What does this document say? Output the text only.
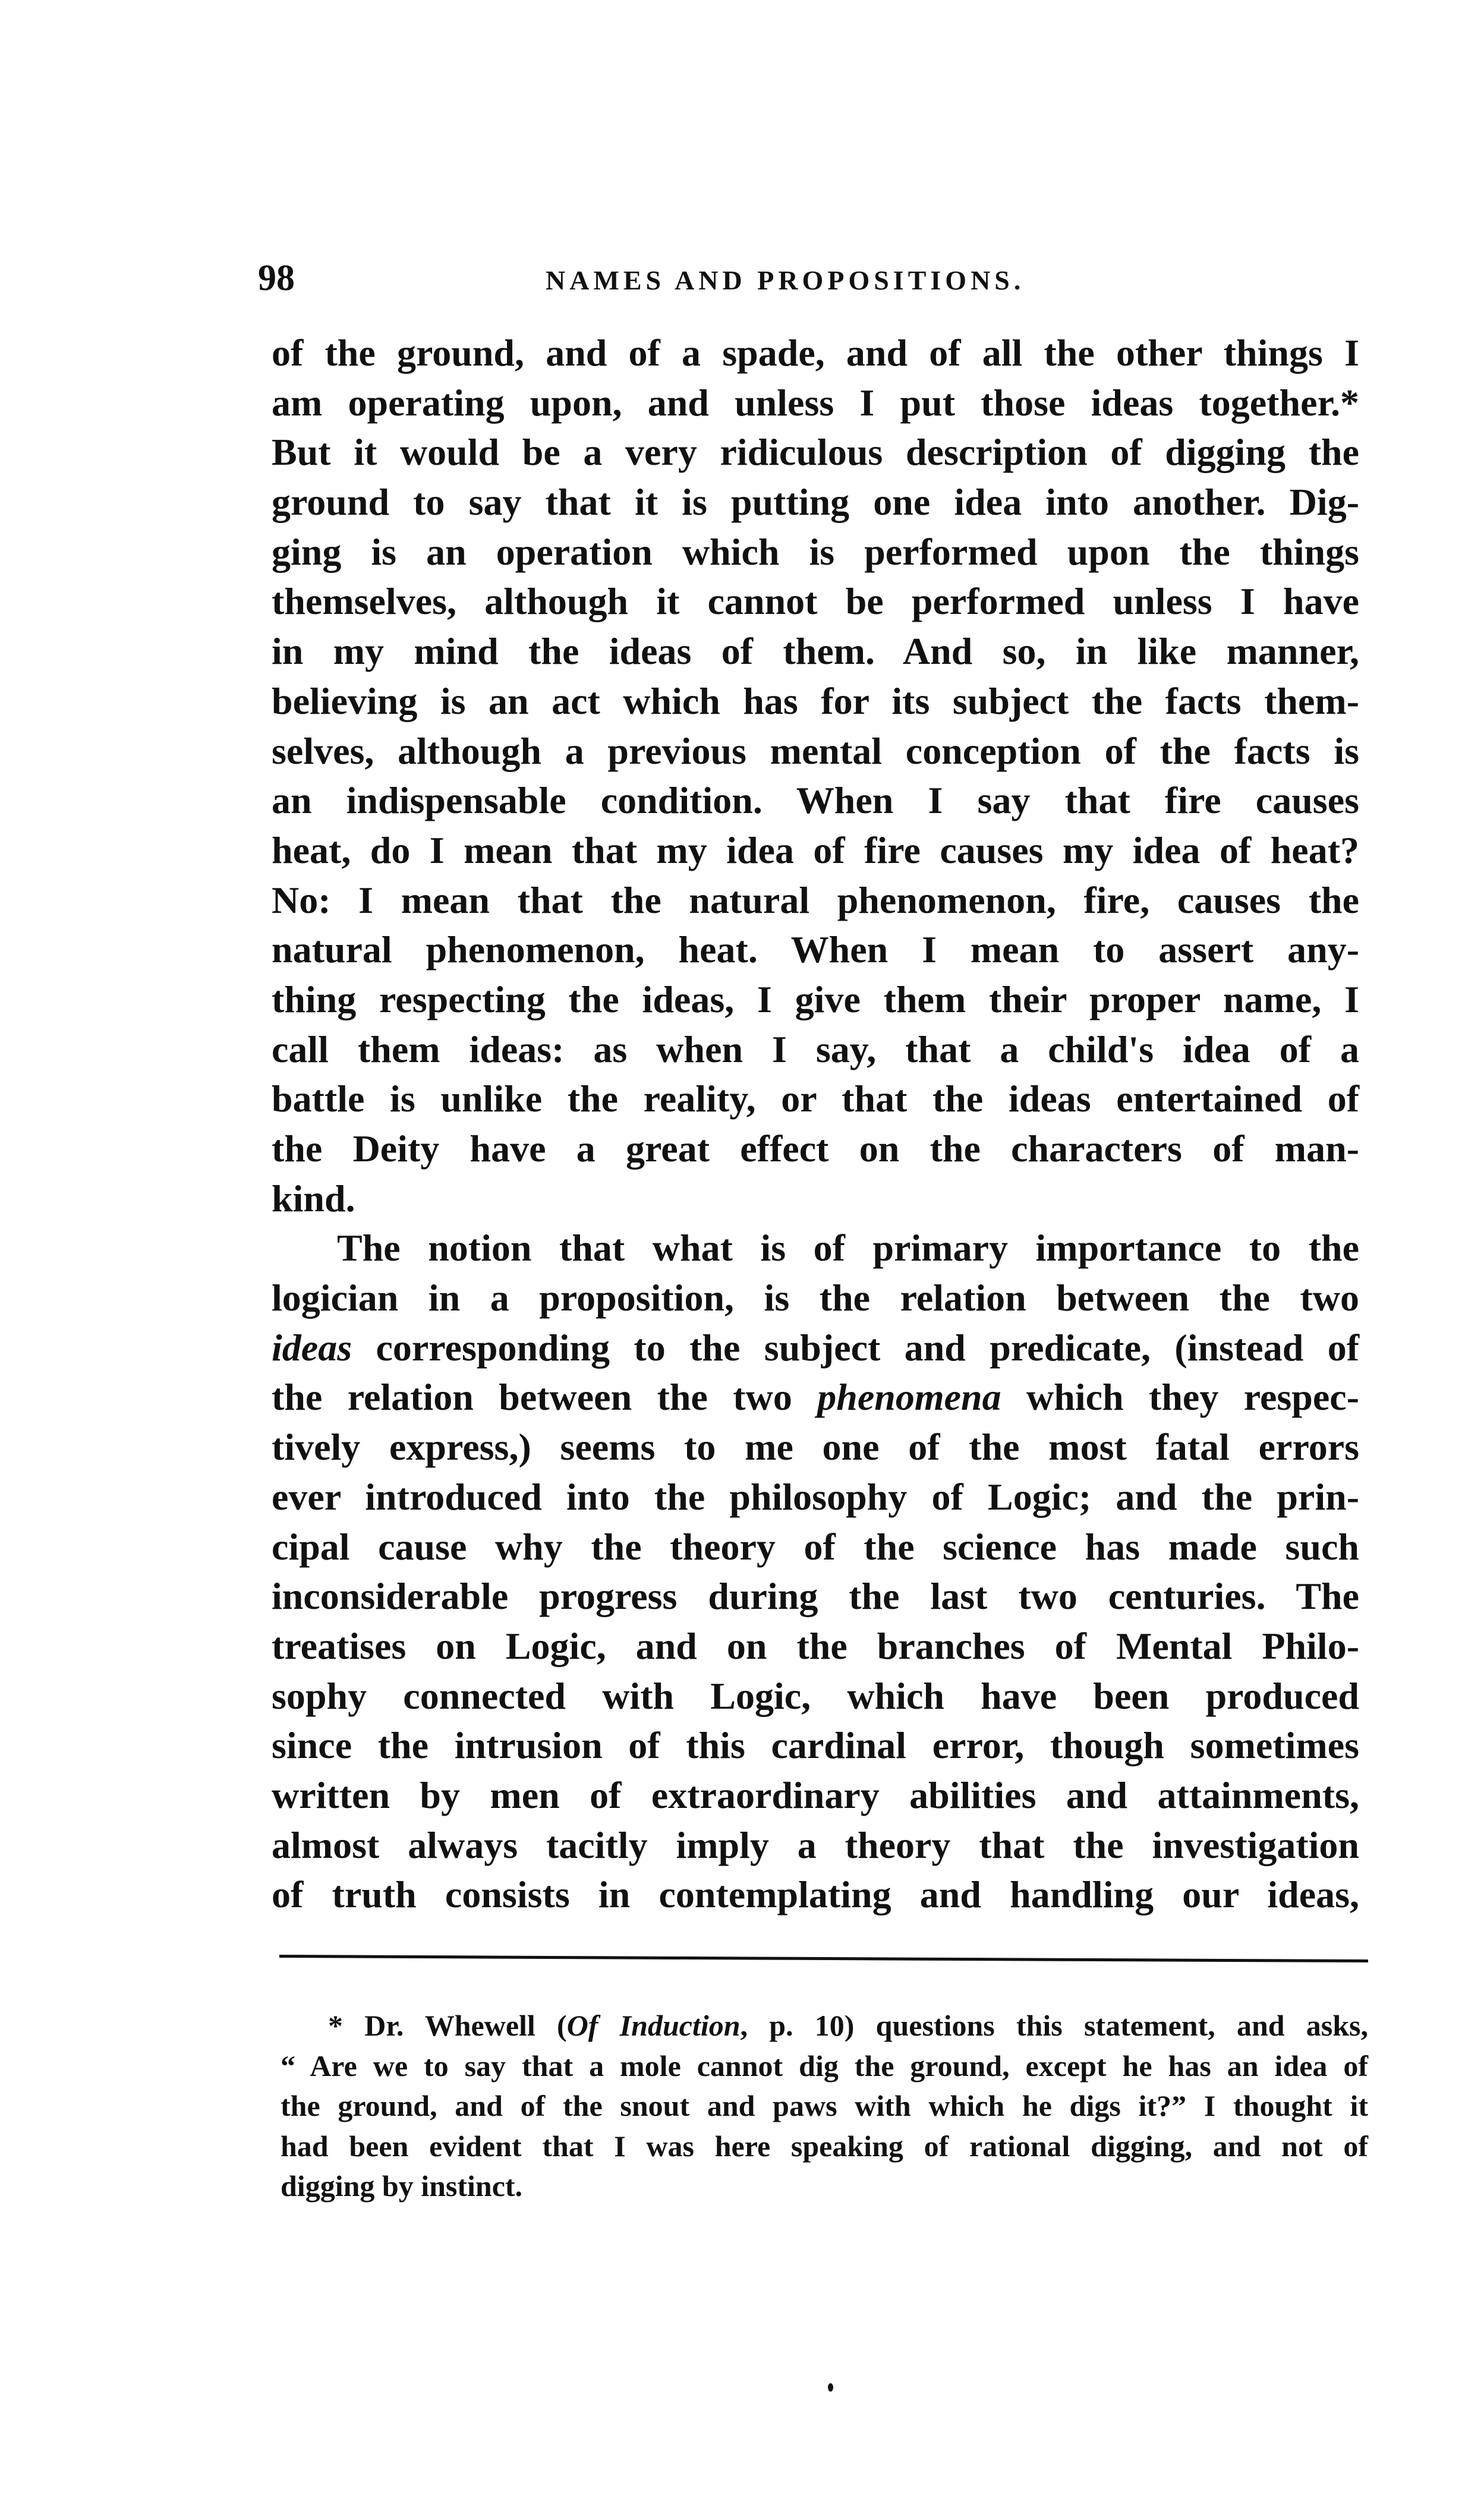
98	NAMES AND PROPOSITIONS.
of the ground, and of a spade, and of all the other things I
am operating upon, and unless I put those ideas together.*
But it would be a very ridiculous description of digging the
ground to say that it is putting one idea into another. Dig-
ging is an operation which is performed upon the things
themselves, although it cannot be performed unless I have
in my mind the ideas of them. And so, in like manner,
believing is an act which has for its subject the facts them-
selves, although a previous mental conception of the facts is
an indispensable condition. When I say that fire causes
heat, do I mean that my idea of fire causes my idea of heat?
No: I mean that the natural phenomenon, fire, causes the
natural phenomenon, heat. When I mean to assert any-
thing respecting the ideas, I give them their proper name, I
call them ideas: as when I say, that a child's idea of a
battle is unlike the reality, or that the ideas entertained of
the Deity have a great effect on the characters of man-
kind.
The notion that what is of primary importance to the
logician in a proposition, is the relation between the two
ideas corresponding to the subject and predicate, (instead of
the relation between the two phenomena which they respec-
tively express,) seems to me one of the most fatal errors
ever introduced into the philosophy of Logic; and the prin-
cipal cause why the theory of the science has made such
inconsiderable progress during the last two centuries. The
treatises on Logic, and on the branches of Mental Philo-
sophy connected with Logic, which have been produced
since the intrusion of this cardinal error, though sometimes
written by men of extraordinary abilities and attainments,
almost always tacitly imply a theory that the investigation
of truth consists in contemplating and handling our ideas,
* Dr. Whewell (Of Induction, p. 10) questions this statement, and asks,
“ Are we to say that a mole cannot dig the ground, except he has an idea of
the ground, and of the snout and paws with which he digs it?” I thought it
had been evident that I was here speaking of rational digging, and not of
digging by instinct.
